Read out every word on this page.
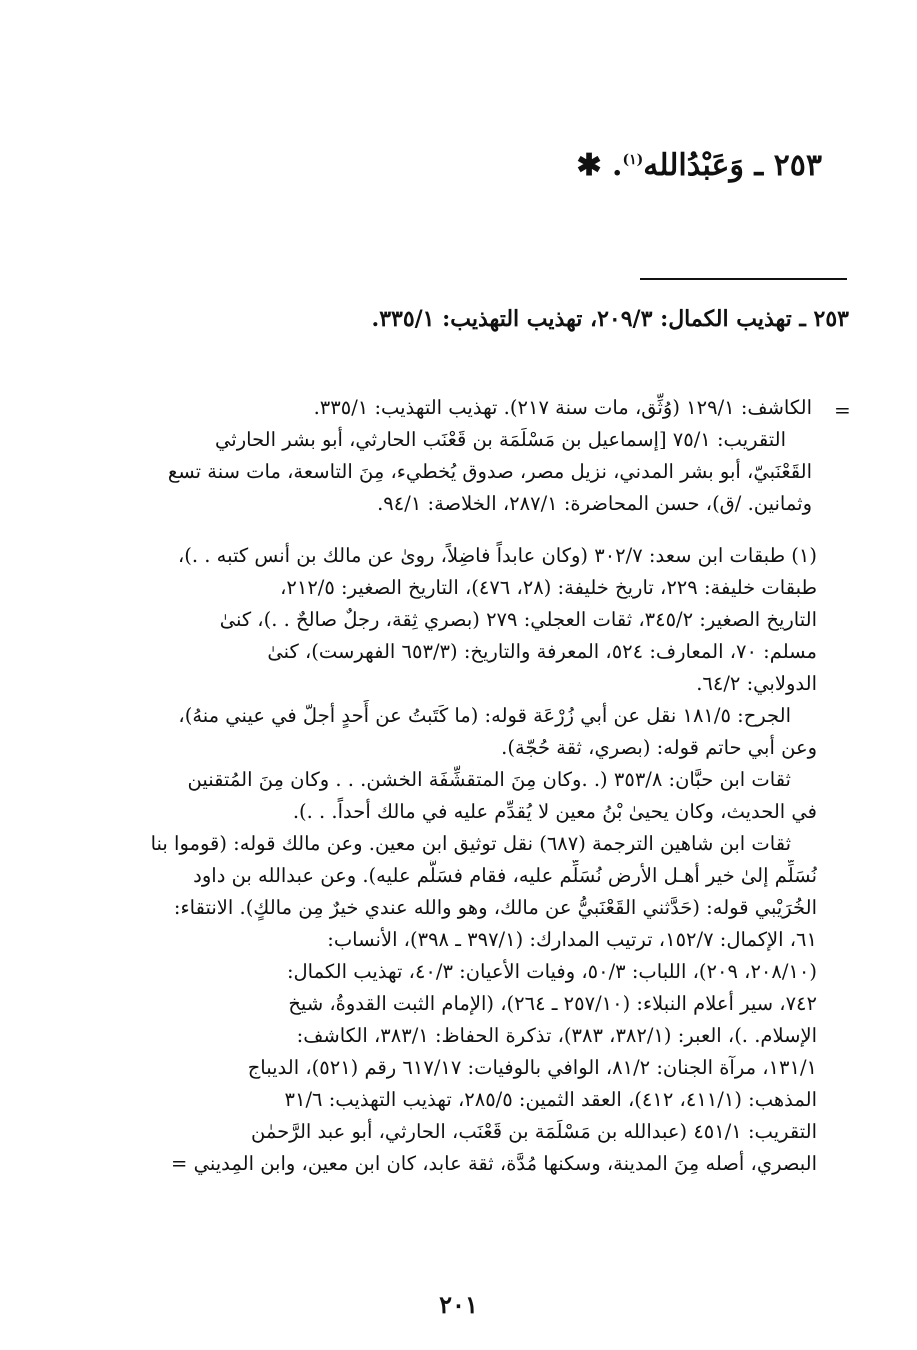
٢٥٣ ـ وَعَبْدُالله$^{(١)}$. ✱
٢٥٣ ـ تهذيب الكمال: ٢٠٩/٣، تهذيب التهذيب: ٣٣٥/١.
=
الكاشف: ١٢٩/١ (وُثِّق، مات سنة ٢١٧). تهذيب التهذيب: ٣٣٥/١.
التقريب: ٧٥/١ [إسماعيل بن مَسْلَمَة بن قَعْنَب الحارثي، أبو بشر الحارثي
القَعْنَبيّ، أبو بشر المدني، نزيل مصر، صدوق يُخطيء، مِنَ التاسعة، مات سنة تسع
وثمانين. /ق)، حسن المحاضرة: ٢٨٧/١، الخلاصة: ٩٤/١.
(١) طبقات ابن سعد: ٣٠٢/٧ (وكان عابداً فاضِلاً، روىٰ عن مالك بن أنس كتبه . .)،
طبقات خليفة: ٢٢٩، تاريخ خليفة: (٢٨، ٤٧٦)، التاريخ الصغير: ٢١٢/٥،
التاريخ الصغير: ٣٤٥/٢، ثقات العجلي: ٢٧٩ (بصري ثِقة، رجلٌ صالحٌ . .)، كنىٰ
مسلم: ٧٠، المعارف: ٥٢٤، المعرفة والتاريخ: (٦٥٣/٣ الفهرست)، كنىٰ
الدولابي: ٦٤/٢.
الجرح: ١٨١/٥ نقل عن أبي زُرْعَة قوله: (ما كَتَبتُ عن أَحدٍ أجلّ في عيني منهُ)،
وعن أبي حاتم قوله: (بصري، ثقة حُجّة).
ثقات ابن حبَّان: ٣٥٣/٨ (. .وكان مِنَ المتقشِّفَة الخشن. . . وكان مِنَ المُتقنين
في الحديث، وكان يحيىٰ بْنُ معين لا يُقدِّم عليه في مالك أحداً. . .).
ثقات ابن شاهين الترجمة (٦٨٧) نقل توثيق ابن معين. وعن مالك قوله: (قوموا بنا
نُسَلِّم إلىٰ خير أهـل الأرض نُسَلِّم عليه، فقام فسَلَّم عليه). وعن عبدالله بن داود
الخُرَيْبي قوله: (حَدَّثني القَعْنَبيُّ عن مالك، وهو والله عندي خيرٌ مِن مالكٍ). الانتقاء:
٦١، الإكمال: ١٥٢/٧، ترتيب المدارك: (٣٩٧/١ ـ ٣٩٨)، الأنساب:
(٢٠٨/١٠، ٢٠٩)، اللباب: ٥٠/٣، وفيات الأعيان: ٤٠/٣، تهذيب الكمال:
٧٤٢، سير أعلام النبلاء: (٢٥٧/١٠ ـ ٢٦٤)، (الإمام الثبت القدوةُ، شيخ
الإسلام. .)، العبر: (٣٨٢/١، ٣٨٣)، تذكرة الحفاظ: ٣٨٣/١، الكاشف:
١٣١/١، مرآة الجنان: ٨١/٢، الوافي بالوفيات: ٦١٧/١٧ رقم (٥٢١)، الديباج
المذهب: (٤١١/١، ٤١٢)، العقد الثمين: ٢٨٥/٥، تهذيب التهذيب: ٣١/٦
التقريب: ٤٥١/١ (عبدالله بن مَسْلَمَة بن قَعْنَب، الحارثي، أبو عبد الرَّحمٰن
البصري، أصله مِنَ المدينة، وسكنها مُدَّة، ثقة عابد، كان ابن معين، وابن المِديني =
٢٠١
